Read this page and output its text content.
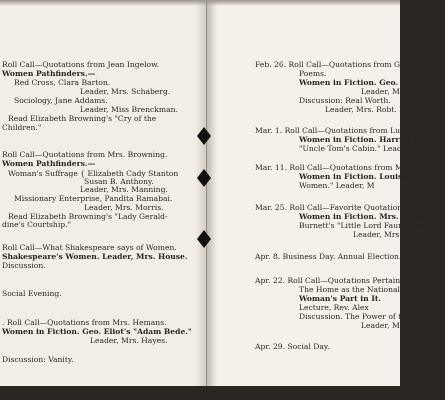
Roll Call—Quotations from Jean Ingelow.
Women Pathfinders.—
Red Cross, Clara Barton.
Leader, Mrs. Schaberg.
Sociology, Jane Addams.
Leader, Miss Brenckman.
Read Elizabeth Browning's "Cry of the
Children."
Roll Call—Quotations from Mrs. Browning.
Women Pathfinders.—
Woman's Suffrage { Elizabeth Cady Stanton
Susan B. Anthony.
Leader, Mrs. Manning.
Missionary Enterprise, Pandita Ramabai.
Leader, Mrs. Morris.
Read Elizabeth Browning's "Lady Gerald-
dine's Courtship."
Roll Call—What Shakespeare says of Women.
Shakespeare's Women. Leader, Mrs. House.
Discussion.
Social Evening.
. Roll Call—Quotations from Mrs. Hemans.
Women in Fiction. Geo. Eliot's "Adam Bede."
Leader, Mrs. Hayes.
Discussion: Vanity.
Feb. 26. Roll Call—Quotations from Geo. E
Poems.
Women in Fiction. Geo. Eliot's "Ad
Leader, M
Discussion: Real Worth.
Leader, Mrs. Robt. N.
Mar. 1. Roll Call—Quotations from Lucy I
Women in Fiction. Harriet Beech
"Uncle Tom's Cabin." Leader, I
Mar. 11. Roll Call—Quotations from Miss A
Women in Fiction. Louisa M. Alco
Women." Leader, M
Mar. 25. Roll Call—Favorite Quotations.
Women in Fiction. Mrs. Frances
Burnett's "Little Lord Fauntleroy.
Leader, Mrs.
Apr. 8. Business Day. Annual Election.
Apr. 22. Roll Call—Quotations Pertaining to
The Home as the National Social
Woman's Part in It.
Lecture, Rev. Alex
Discussion. The Power of the Pa
Leader, M
Apr. 29. Social Day.
